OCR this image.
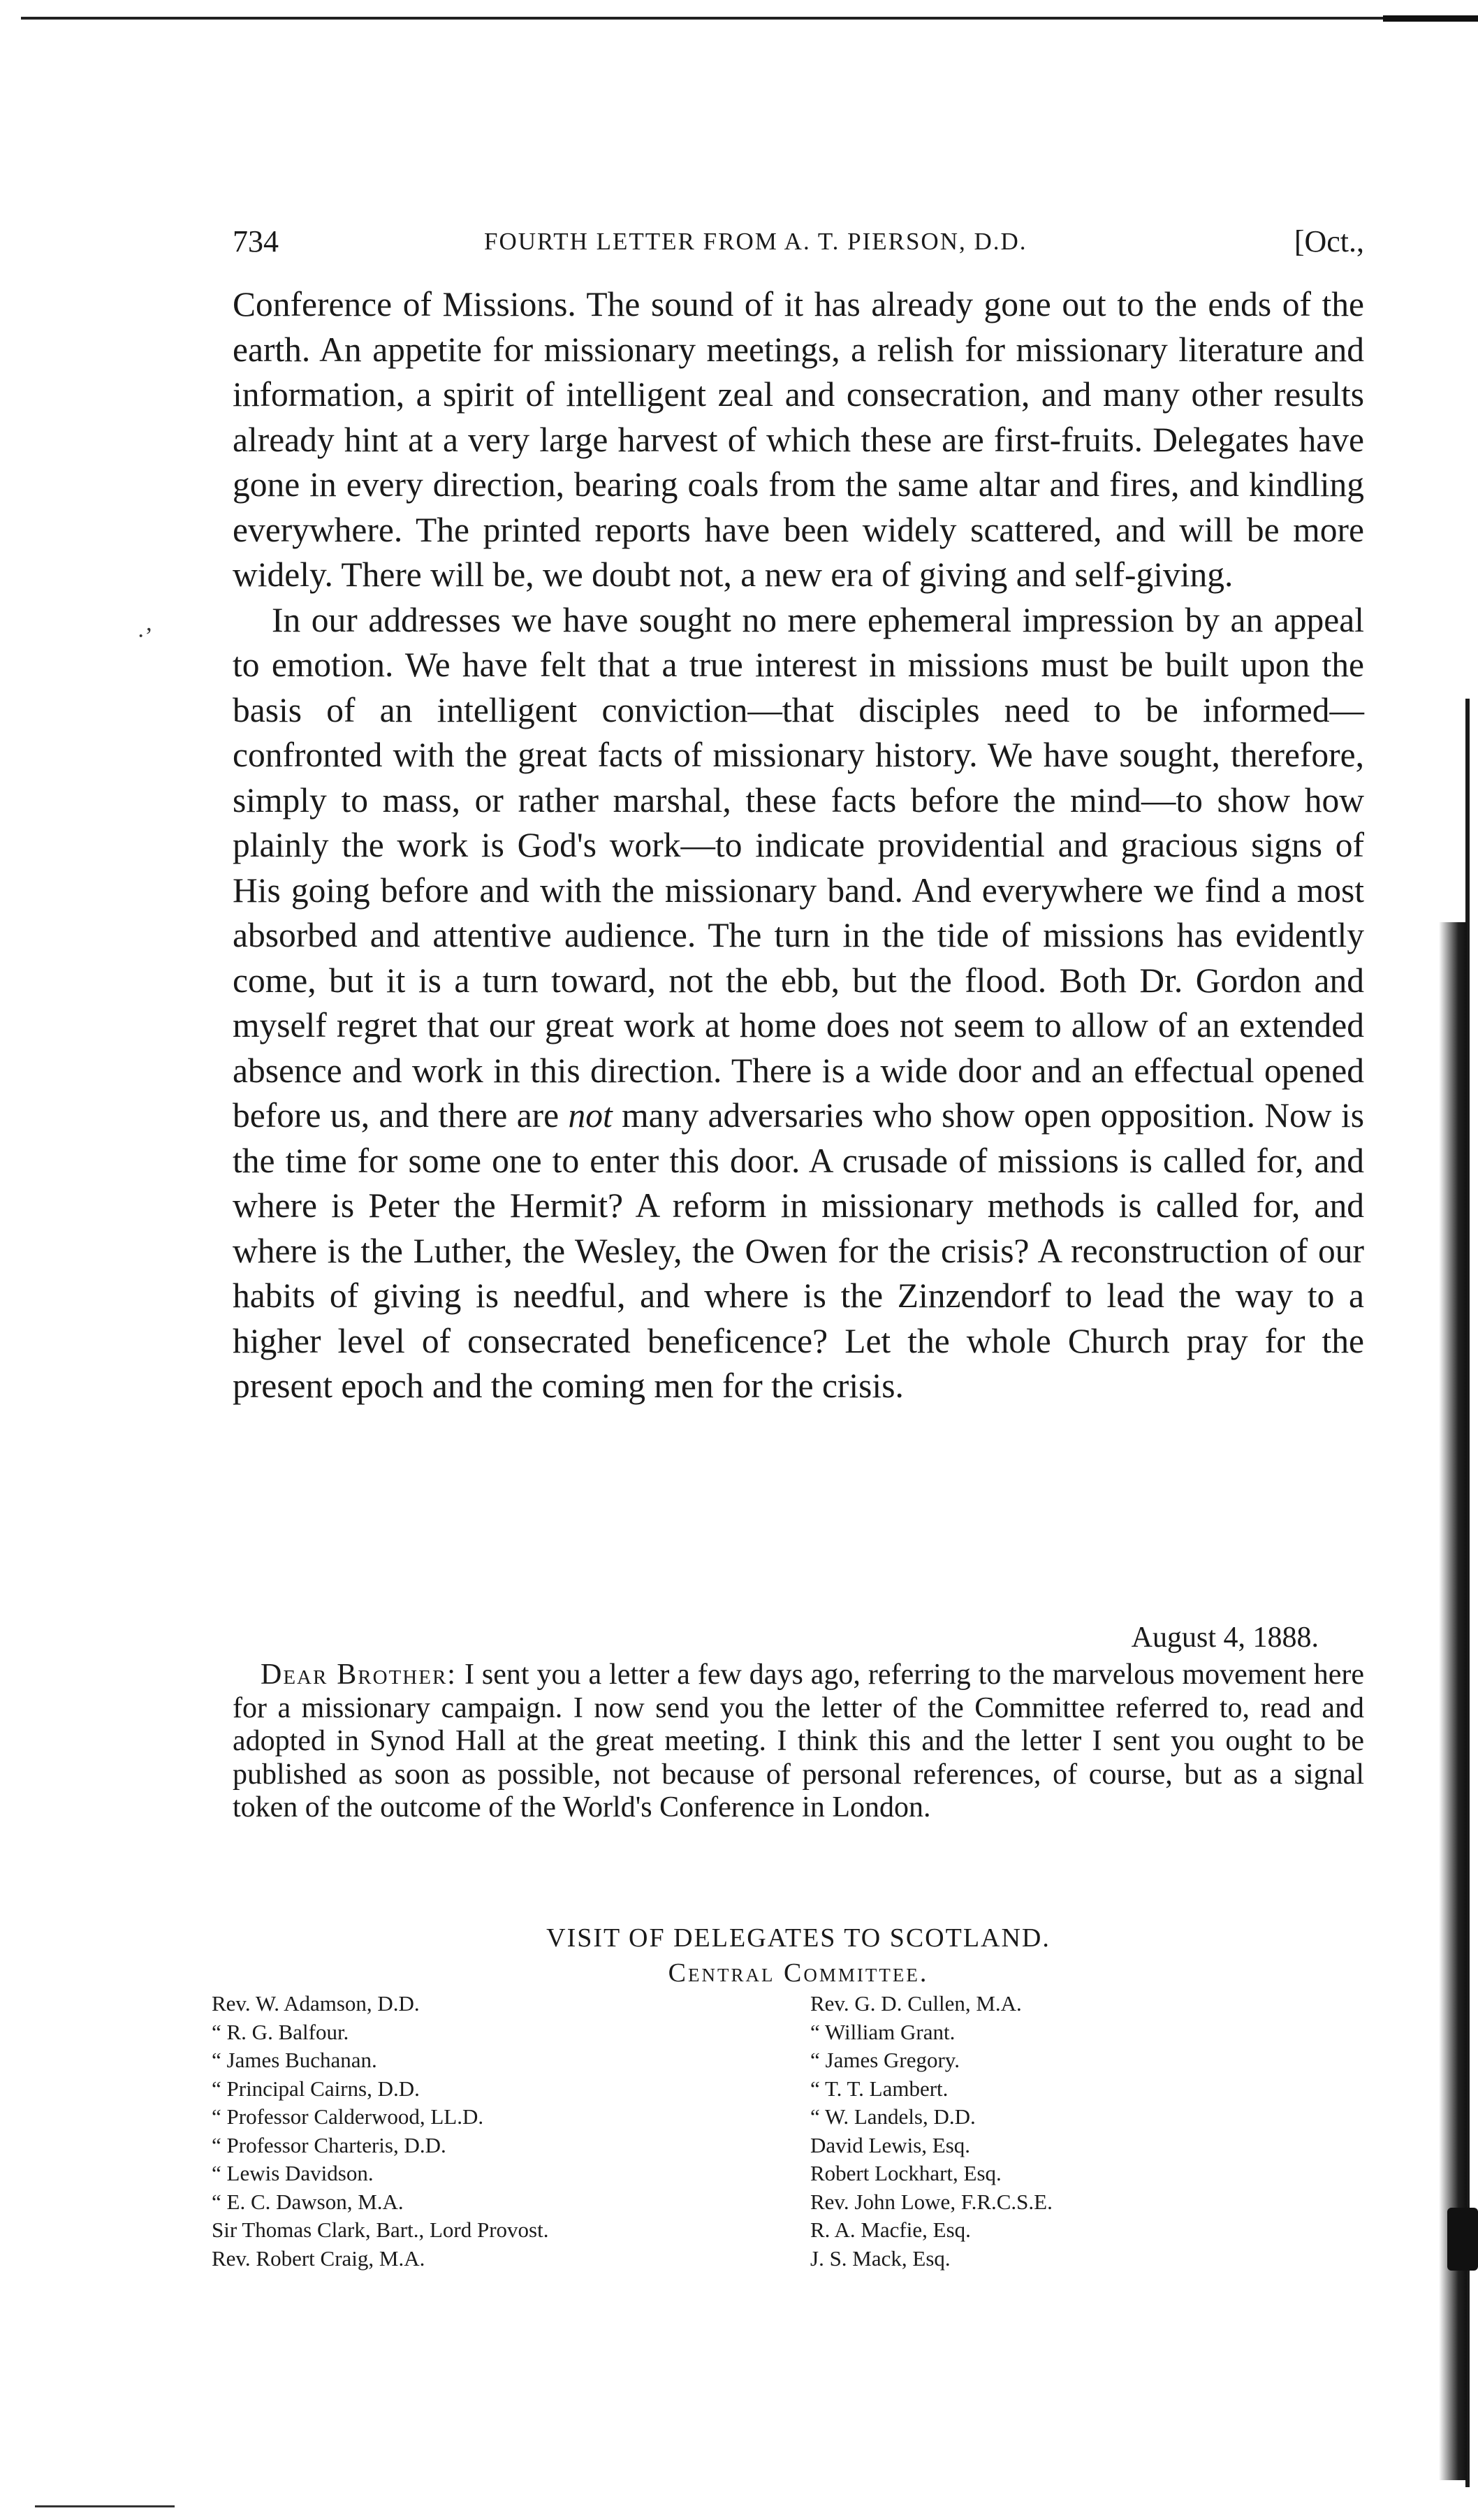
·’
734	FOURTH LETTER FROM A. T. PIERSON, D.D.	[Oct.,

Conference of Missions. The sound of it has already gone out to the ends of the earth. An appetite for missionary meetings, a relish for missionary literature and information, a spirit of intelligent zeal and consecration, and many other results already hint at a very large harvest of which these are first-fruits. Delegates have gone in every direction, bearing coals from the same altar and fires, and kindling everywhere. The printed reports have been widely scattered, and will be more widely. There will be, we doubt not, a new era of giving and self-giving.

In our addresses we have sought no mere ephemeral impression by an appeal to emotion. We have felt that a true interest in missions must be built upon the basis of an intelligent conviction—that disciples need to be informed—confronted with the great facts of missionary history. We have sought, therefore, simply to mass, or rather marshal, these facts before the mind—to show how plainly the work is God's work—to indicate providential and gracious signs of His going before and with the missionary band. And everywhere we find a most absorbed and attentive audience. The turn in the tide of missions has evidently come, but it is a turn toward, not the ebb, but the flood. Both Dr. Gordon and myself regret that our great work at home does not seem to allow of an extended absence and work in this direction. There is a wide door and an effectual opened before us, and there are not many adversaries who show open opposition. Now is the time for some one to enter this door. A crusade of missions is called for, and where is Peter the Hermit? A reform in missionary methods is called for, and where is the Luther, the Wesley, the Owen for the crisis? A reconstruction of our habits of giving is needful, and where is the Zinzendorf to lead the way to a higher level of consecrated beneficence? Let the whole Church pray for the present epoch and the coming men for the crisis.

August 4, 1888.

Dear Brother: I sent you a letter a few days ago, referring to the marvelous movement here for a missionary campaign. I now send you the letter of the Committee referred to, read and adopted in Synod Hall at the great meeting. I think this and the letter I sent you ought to be published as soon as possible, not because of personal references, of course, but as a signal token of the outcome of the World's Conference in London.

VISIT OF DELEGATES TO SCOTLAND.
Central Committee.
Rev. W. Adamson, D.D.
“ R. G. Balfour.
“ James Buchanan.
“ Principal Cairns, D.D.
“ Professor Calderwood, LL.D.
“ Professor Charteris, D.D.
“ Lewis Davidson.
“ E. C. Dawson, M.A.
Sir Thomas Clark, Bart., Lord Provost.
Rev. Robert Craig, M.A.
Rev. G. D. Cullen, M.A.
“ William Grant.
“ James Gregory.
“ T. T. Lambert.
“ W. Landels, D.D.
David Lewis, Esq.
Robert Lockhart, Esq.
Rev. John Lowe, F.R.C.S.E.
R. A. Macfie, Esq.
J. S. Mack, Esq.
